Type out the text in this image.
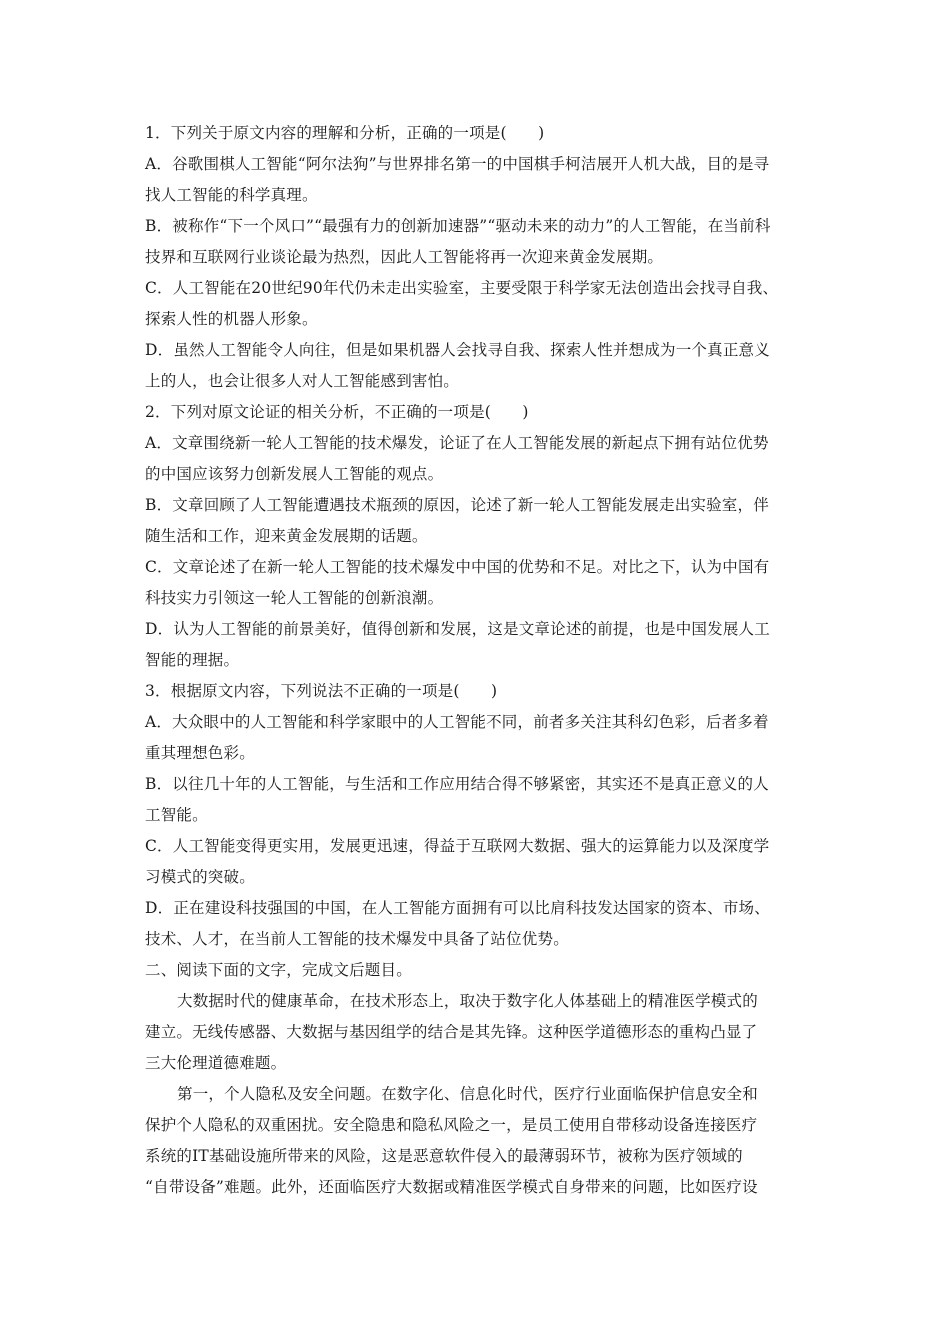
1．下列关于原文内容的理解和分析，正确的一项是(　　)
A．谷歌围棋人工智能“阿尔法狗”与世界排名第一的中国棋手柯洁展开人机大战，目的是寻
找人工智能的科学真理。
B．被称作“下一个风口”“最强有力的创新加速器”“驱动未来的动力”的人工智能，在当前科
技界和互联网行业谈论最为热烈，因此人工智能将再一次迎来黄金发展期。
C．人工智能在20世纪90年代仍未走出实验室，主要受限于科学家无法创造出会找寻自我、
探索人性的机器人形象。
D．虽然人工智能令人向往，但是如果机器人会找寻自我、探索人性并想成为一个真正意义
上的人，也会让很多人对人工智能感到害怕。
2．下列对原文论证的相关分析，不正确的一项是(　　)
A．文章围绕新一轮人工智能的技术爆发，论证了在人工智能发展的新起点下拥有站位优势
的中国应该努力创新发展人工智能的观点。
B．文章回顾了人工智能遭遇技术瓶颈的原因，论述了新一轮人工智能发展走出实验室，伴
随生活和工作，迎来黄金发展期的话题。
C．文章论述了在新一轮人工智能的技术爆发中中国的优势和不足。对比之下，认为中国有
科技实力引领这一轮人工智能的创新浪潮。
D．认为人工智能的前景美好，值得创新和发展，这是文章论述的前提，也是中国发展人工
智能的理据。
3．根据原文内容，下列说法不正确的一项是(　　)
A．大众眼中的人工智能和科学家眼中的人工智能不同，前者多关注其科幻色彩，后者多着
重其理想色彩。
B．以往几十年的人工智能，与生活和工作应用结合得不够紧密，其实还不是真正意义的人
工智能。
C．人工智能变得更实用，发展更迅速，得益于互联网大数据、强大的运算能力以及深度学
习模式的突破。
D．正在建设科技强国的中国，在人工智能方面拥有可以比肩科技发达国家的资本、市场、
技术、人才，在当前人工智能的技术爆发中具备了站位优势。
二、阅读下面的文字，完成文后题目。
大数据时代的健康革命，在技术形态上，取决于数字化人体基础上的精准医学模式的
建立。无线传感器、大数据与基因组学的结合是其先锋。这种医学道德形态的重构凸显了
三大伦理道德难题。
第一，个人隐私及安全问题。在数字化、信息化时代，医疗行业面临保护信息安全和
保护个人隐私的双重困扰。安全隐患和隐私风险之一，是员工使用自带移动设备连接医疗
系统的IT基础设施所带来的风险，这是恶意软件侵入的最薄弱环节，被称为医疗领域的
“自带设备”难题。此外，还面临医疗大数据或精准医学模式自身带来的问题，比如医疗设
